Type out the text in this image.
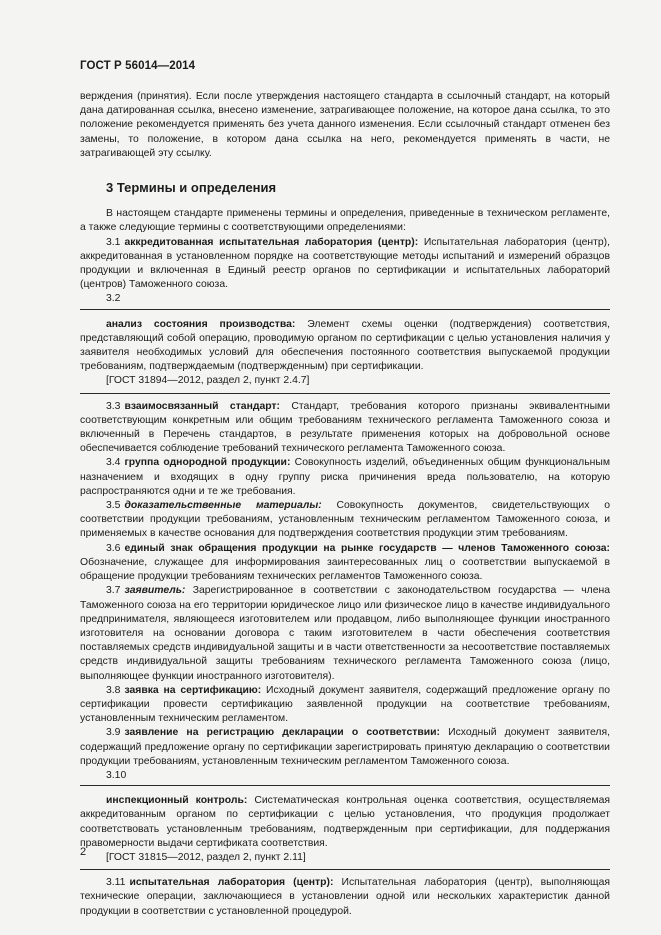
ГОСТ Р 56014—2014

верждения (принятия). Если после утверждения настоящего стандарта в ссылочный стандарт, на который дана датированная ссылка, внесено изменение, затрагивающее положение, на которое дана ссылка, то это положение рекомендуется применять без учета данного изменения. Если ссылочный стандарт отменен без замены, то положение, в котором дана ссылка на него, рекомендуется применять в части, не затрагивающей эту ссылку.

3 Термины и определения

В настоящем стандарте применены термины и определения, приведенные в техническом регламенте, а также следующие термины с соответствующими определениями:

3.1 аккредитованная испытательная лаборатория (центр): Испытательная лаборатория (центр), аккредитованная в установленном порядке на соответствующие методы испытаний и измерений образцов продукции и включенная в Единый реестр органов по сертификации и испытательных лабораторий (центров) Таможенного союза.

3.2

анализ состояния производства: Элемент схемы оценки (подтверждения) соответствия, представляющий собой операцию, проводимую органом по сертификации с целью установления наличия у заявителя необходимых условий для обеспечения постоянного соответствия выпускаемой продукции требованиям, подтверждаемым (подтвержденным) при сертификации.

[ГОСТ 31894—2012, раздел 2, пункт 2.4.7]

3.3 взаимосвязанный стандарт: Стандарт, требования которого признаны эквивалентными соответствующим конкретным или общим требованиям технического регламента Таможенного союза и включенный в Перечень стандартов, в результате применения которых на добровольной основе обеспечивается соблюдение требований технического регламента Таможенного союза.

3.4 группа однородной продукции: Совокупность изделий, объединенных общим функциональным назначением и входящих в одну группу риска причинения вреда пользователю, на которую распространяются одни и те же требования.

3.5 доказательственные материалы: Совокупность документов, свидетельствующих о соответствии продукции требованиям, установленным техническим регламентом Таможенного союза, и применяемых в качестве основания для подтверждения соответствия продукции этим требованиям.

3.6 единый знак обращения продукции на рынке государств — членов Таможенного союза: Обозначение, служащее для информирования заинтересованных лиц о соответствии выпускаемой в обращение продукции требованиям технических регламентов Таможенного союза.

3.7 заявитель: Зарегистрированное в соответствии с законодательством государства — члена Таможенного союза на его территории юридическое лицо или физическое лицо в качестве индивидуального предпринимателя, являющееся изготовителем или продавцом, либо выполняющее функции иностранного изготовителя на основании договора с таким изготовителем в части обеспечения соответствия поставляемых средств индивидуальной защиты и в части ответственности за несоответствие поставляемых средств индивидуальной защиты требованиям технического регламента Таможенного союза (лицо, выполняющее функции иностранного изготовителя).

3.8 заявка на сертификацию: Исходный документ заявителя, содержащий предложение органу по сертификации провести сертификацию заявленной продукции на соответствие требованиям, установленным техническим регламентом.

3.9 заявление на регистрацию декларации о соответствии: Исходный документ заявителя, содержащий предложение органу по сертификации зарегистрировать принятую декларацию о соответствии продукции требованиям, установленным техническим регламентом Таможенного союза.

3.10

инспекционный контроль: Систематическая контрольная оценка соответствия, осуществляемая аккредитованным органом по сертификации с целью установления, что продукция продолжает соответствовать установленным требованиям, подтвержденным при сертификации, для поддержания правомерности выдачи сертификата соответствия.

[ГОСТ 31815—2012, раздел 2, пункт 2.11]

3.11 испытательная лаборатория (центр): Испытательная лаборатория (центр), выполняющая технические операции, заключающиеся в установлении одной или нескольких характеристик данной продукции в соответствии с установленной процедурой.

2
